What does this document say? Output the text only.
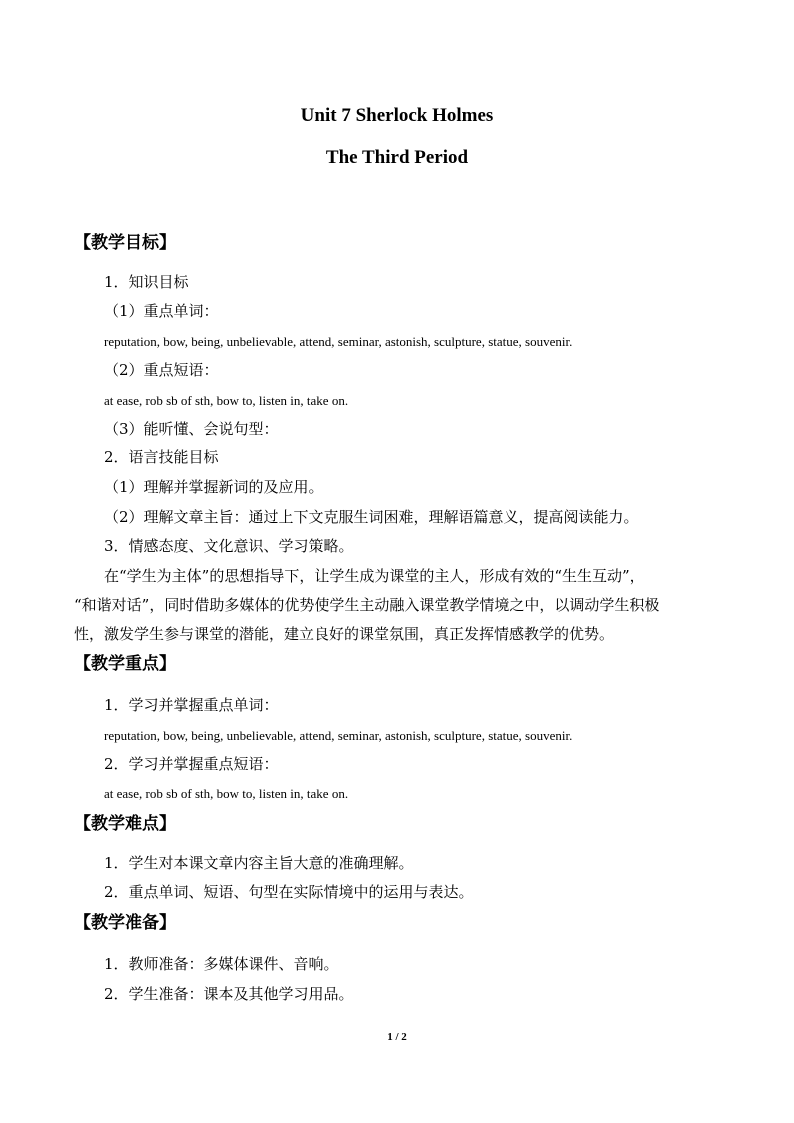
Unit 7 Sherlock Holmes
The Third Period
【教学目标】
1．知识目标
（1）重点单词：
reputation, bow, being, unbelievable, attend, seminar, astonish, sculpture, statue, souvenir.
（2）重点短语：
at ease, rob sb of sth, bow to, listen in, take on.
（3）能听懂、会说句型：
2．语言技能目标
（1）理解并掌握新词的及应用。
（2）理解文章主旨：通过上下文克服生词困难，理解语篇意义，提高阅读能力。
3．情感态度、文化意识、学习策略。
在“学生为主体”的思想指导下，让学生成为课堂的主人，形成有效的“生生互动”，
“和谐对话”，同时借助多媒体的优势使学生主动融入课堂教学情境之中，以调动学生积极
性，激发学生参与课堂的潜能，建立良好的课堂氛围，真正发挥情感教学的优势。
【教学重点】
1．学习并掌握重点单词：
reputation, bow, being, unbelievable, attend, seminar, astonish, sculpture, statue, souvenir.
2．学习并掌握重点短语：
at ease, rob sb of sth, bow to, listen in, take on.
【教学难点】
1．学生对本课文章内容主旨大意的准确理解。
2．重点单词、短语、句型在实际情境中的运用与表达。
【教学准备】
1．教师准备：多媒体课件、音响。
2．学生准备：课本及其他学习用品。
1 / 2
